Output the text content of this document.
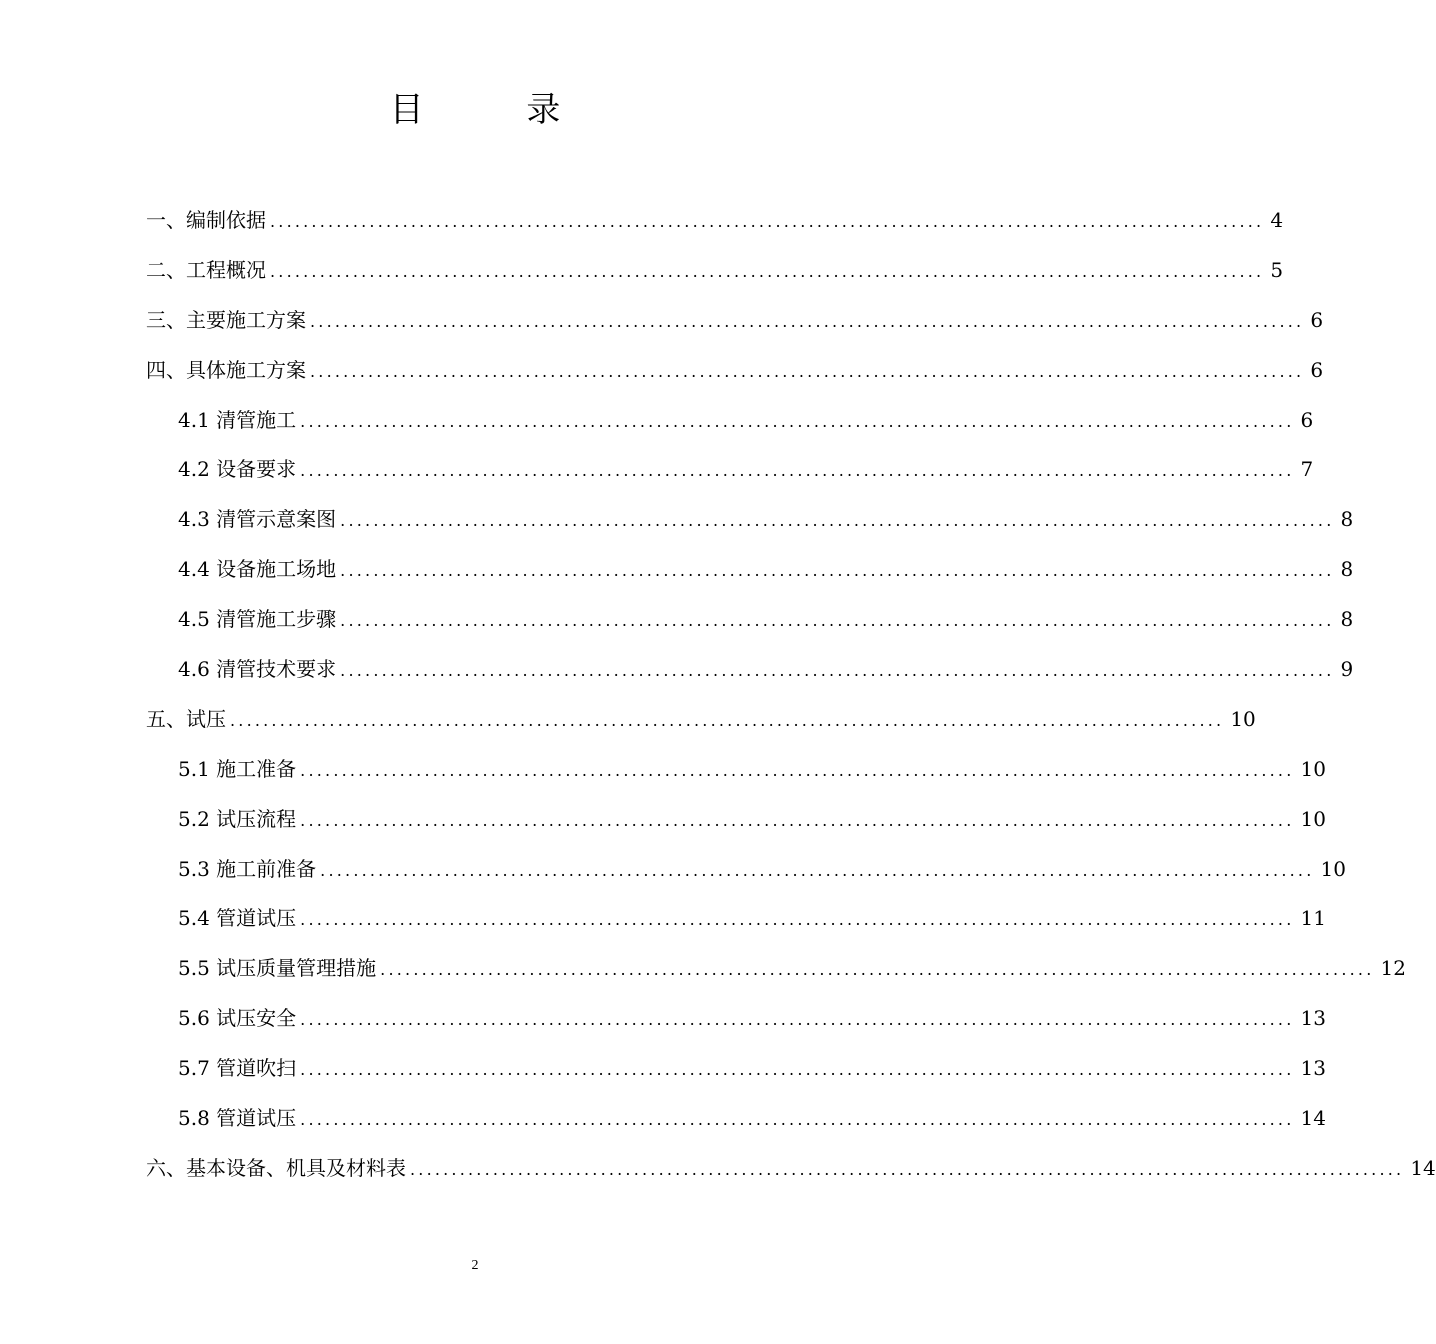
目 录
一、编制依据 ........................................................................................................................ 4
二、工程概况 ........................................................................................................................ 5
三、主要施工方案 ........................................................................................................................ 6
四、具体施工方案 ........................................................................................................................ 6
4.1 清管施工 ........................................................................................................................ 6
4.2 设备要求 ........................................................................................................................ 7
4.3 清管示意案图 ........................................................................................................................ 8
4.4 设备施工场地 ........................................................................................................................ 8
4.5 清管施工步骤 ........................................................................................................................ 8
4.6 清管技术要求 ........................................................................................................................ 9
五、试压 ........................................................................................................................ 10
5.1 施工准备 ........................................................................................................................ 10
5.2 试压流程 ........................................................................................................................ 10
5.3 施工前准备 ........................................................................................................................ 10
5.4 管道试压 ........................................................................................................................ 11
5.5 试压质量管理措施 ........................................................................................................................ 12
5.6 试压安全 ........................................................................................................................ 13
5.7 管道吹扫 ........................................................................................................................ 13
5.8 管道试压 ........................................................................................................................ 14
六、基本设备、机具及材料表 ........................................................................................................................ 14
2
